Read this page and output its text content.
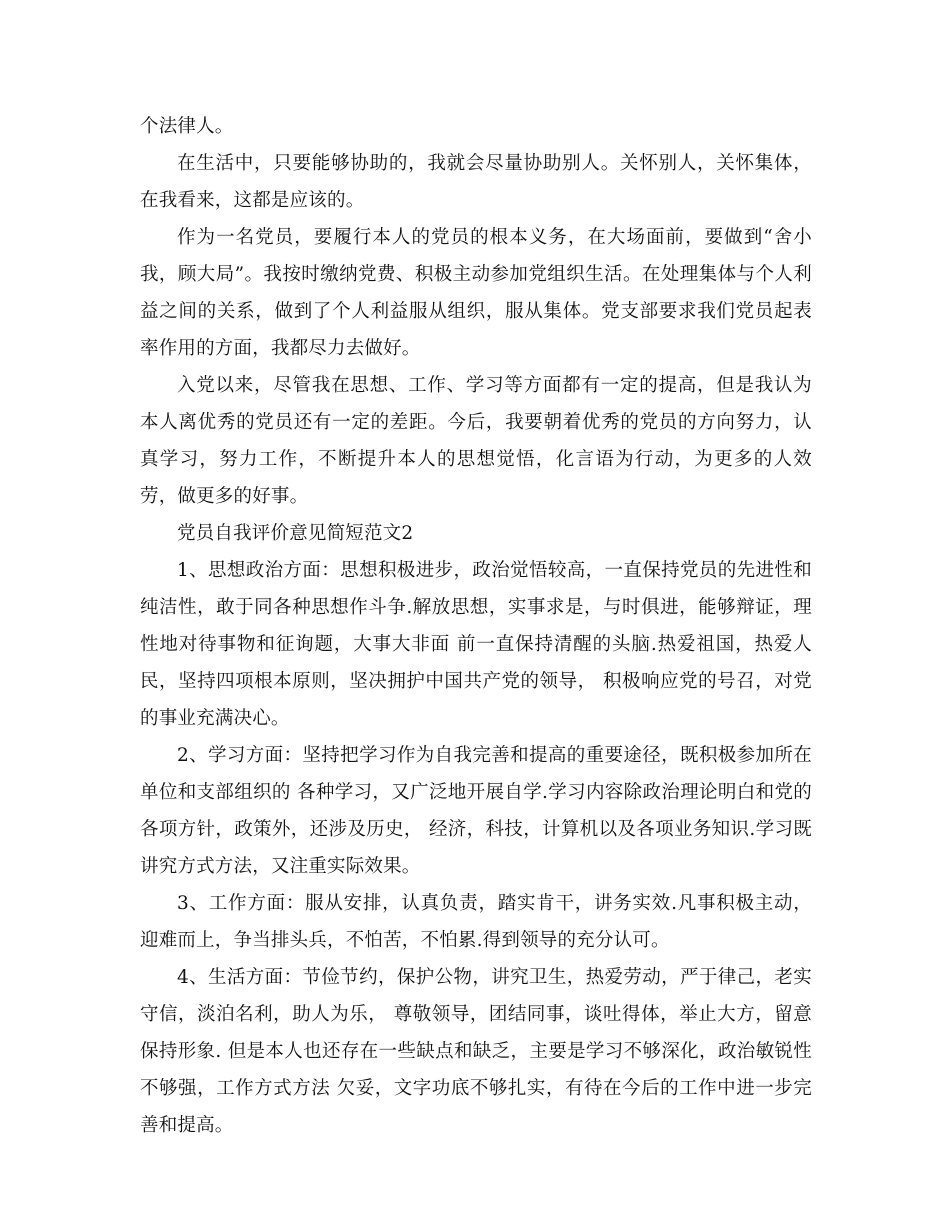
个法律人。

在生活中，只要能够协助的，我就会尽量协助别人。关怀别人，关怀集体，在我看来，这都是应该的。

作为一名党员，要履行本人的党员的根本义务，在大场面前，要做到“舍小我，顾大局”。我按时缴纳党费、积极主动参加党组织生活。在处理集体与个人利益之间的关系，做到了个人利益服从组织，服从集体。党支部要求我们党员起表率作用的方面，我都尽力去做好。

入党以来，尽管我在思想、工作、学习等方面都有一定的提高，但是我认为本人离优秀的党员还有一定的差距。今后，我要朝着优秀的党员的方向努力，认真学习，努力工作，不断提升本人的思想觉悟，化言语为行动，为更多的人效劳，做更多的好事。

党员自我评价意见简短范文2

1、思想政治方面：思想积极进步，政治觉悟较高，一直保持党员的先进性和纯洁性，敢于同各种思想作斗争.解放思想，实事求是，与时俱进，能够辩证，理性地对待事物和征询题，大事大非面 前一直保持清醒的头脑.热爱祖国，热爱人民，坚持四项根本原则，坚决拥护中国共产党的领导， 积极响应党的号召，对党的事业充满决心。

2、学习方面：坚持把学习作为自我完善和提高的重要途径，既积极参加所在单位和支部组织的 各种学习，又广泛地开展自学.学习内容除政治理论明白和党的各项方针，政策外，还涉及历史， 经济，科技，计算机以及各项业务知识.学习既讲究方式方法，又注重实际效果。

3、工作方面：服从安排，认真负责，踏实肯干，讲务实效.凡事积极主动，迎难而上，争当排头兵，不怕苦，不怕累.得到领导的充分认可。

4、生活方面：节俭节约，保护公物，讲究卫生，热爱劳动，严于律己，老实守信，淡泊名利，助人为乐， 尊敬领导，团结同事，谈吐得体，举止大方，留意保持形象. 但是本人也还存在一些缺点和缺乏，主要是学习不够深化，政治敏锐性不够强，工作方式方法 欠妥，文字功底不够扎实，有待在今后的工作中进一步完善和提高。
